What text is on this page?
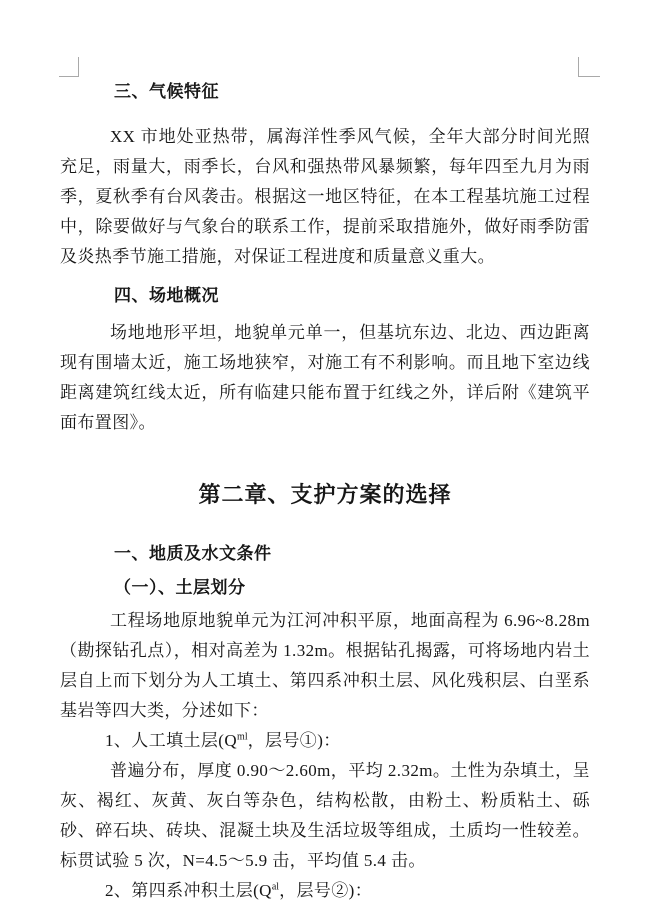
三、气候特征

XX 市地处亚热带，属海洋性季风气候，全年大部分时间光照充足，雨量大，雨季长，台风和强热带风暴频繁，每年四至九月为雨季，夏秋季有台风袭击。根据这一地区特征，在本工程基坑施工过程中，除要做好与气象台的联系工作，提前采取措施外，做好雨季防雷及炎热季节施工措施，对保证工程进度和质量意义重大。

四、场地概况

场地地形平坦，地貌单元单一，但基坑东边、北边、西边距离现有围墙太近，施工场地狭窄，对施工有不利影响。而且地下室边线距离建筑红线太近，所有临建只能布置于红线之外，详后附《建筑平面布置图》。

第二章、支护方案的选择
一、地质及水文条件
（一）、土层划分

工程场地原地貌单元为江河冲积平原，地面高程为 6.96~8.28m（勘探钻孔点），相对高差为 1.32m。根据钻孔揭露，可将场地内岩土层自上而下划分为人工填土、第四系冲积土层、风化残积层、白垩系基岩等四大类，分述如下：

1、人工填土层($Q^{ml}$，层号①)：

普遍分布，厚度 0.90～2.60m，平均 2.32m。土性为杂填土，呈灰、褐红、灰黄、灰白等杂色，结构松散，由粉土、粉质粘土、砾砂、碎石块、砖块、混凝土块及生活垃圾等组成，土质均一性较差。标贯试验 5 次，N=4.5～5.9 击，平均值 5.4 击。

2、第四系冲积土层($Q^{al}$，层号②)：
